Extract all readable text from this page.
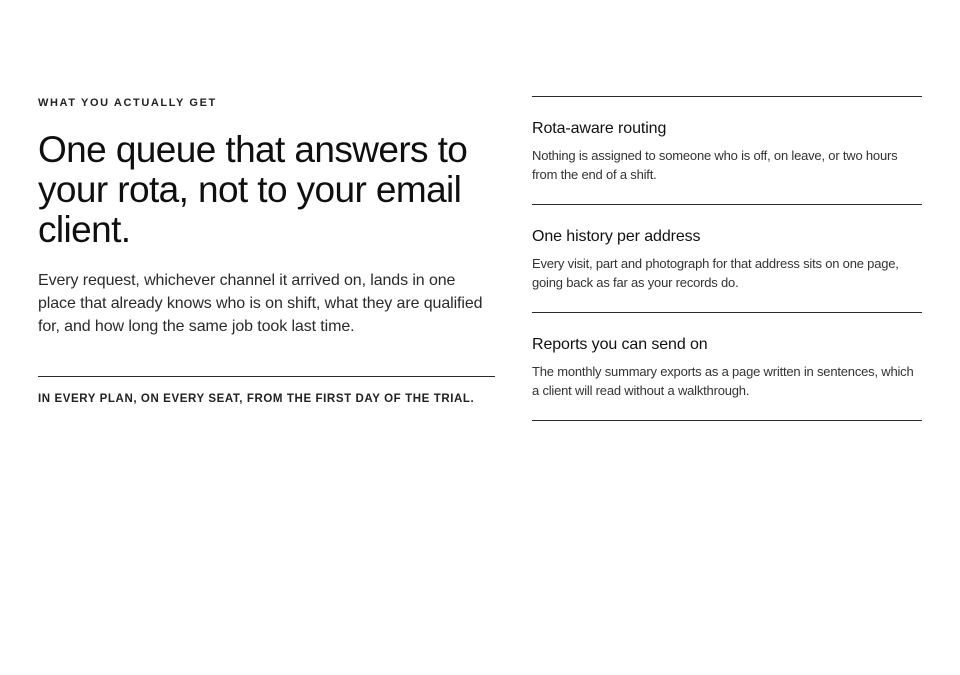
WHAT YOU ACTUALLY GET

One queue that answers to your rota, not to your email client.

Every request, whichever channel it arrived on, lands in one place that already knows who is on shift, what they are qualified for, and how long the same job took last time.

IN EVERY PLAN, ON EVERY SEAT, FROM THE FIRST DAY OF THE TRIAL.

Rota-aware routing

Nothing is assigned to someone who is off, on leave, or two hours from the end of a shift.

One history per address

Every visit, part and photograph for that address sits on one page, going back as far as your records do.

Reports you can send on

The monthly summary exports as a page written in sentences, which a client will read without a walkthrough.
